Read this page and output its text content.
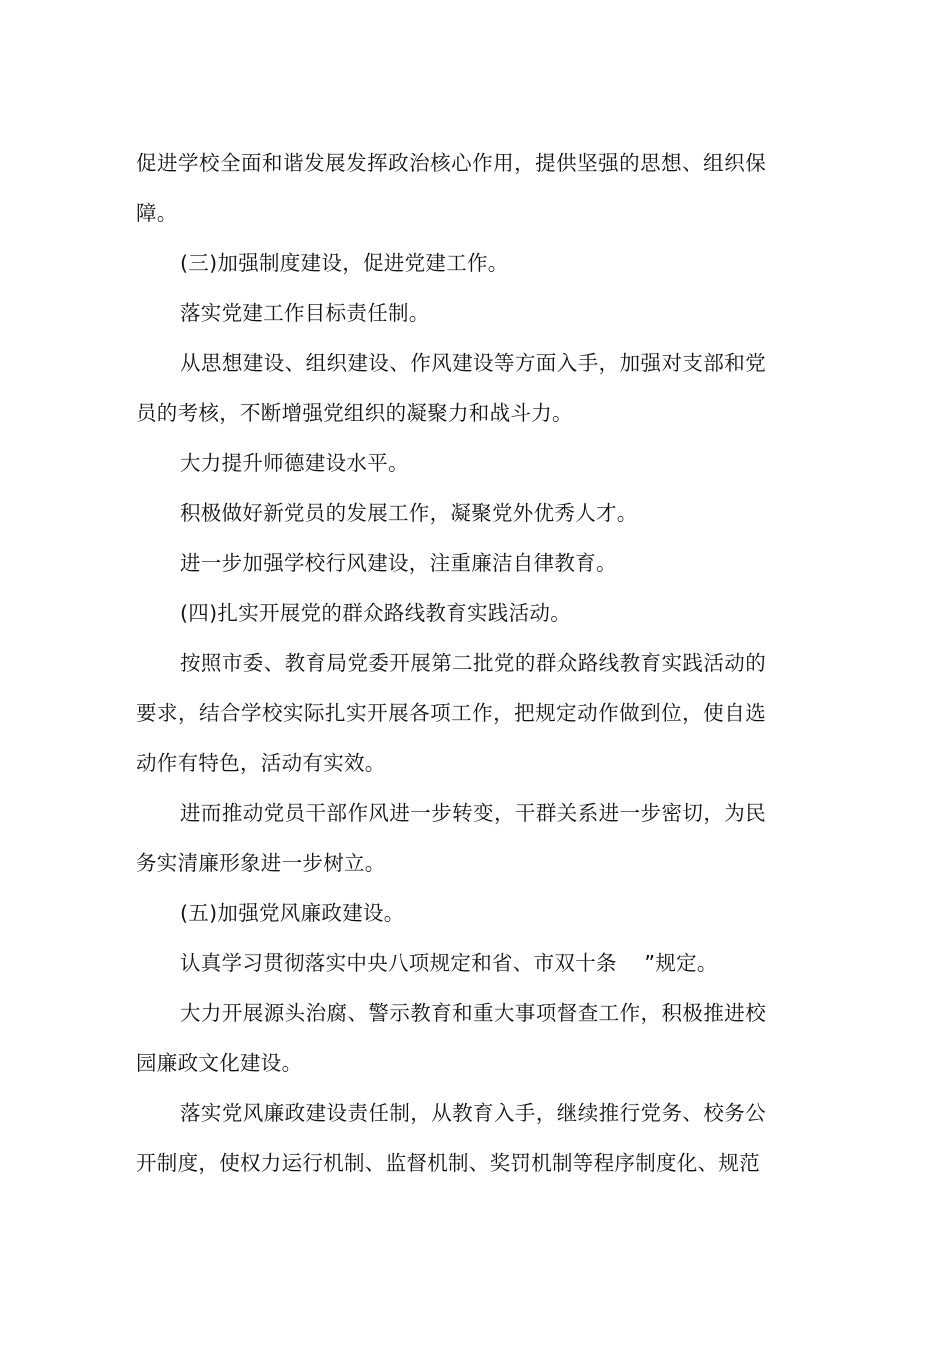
促进学校全面和谐发展发挥政治核心作用，提供坚强的思想、组织保障。

(三)加强制度建设，促进党建工作。

落实党建工作目标责任制。

从思想建设、组织建设、作风建设等方面入手，加强对支部和党员的考核，不断增强党组织的凝聚力和战斗力。

大力提升师德建设水平。

积极做好新党员的发展工作，凝聚党外优秀人才。

进一步加强学校行风建设，注重廉洁自律教育。

(四)扎实开展党的群众路线教育实践活动。

按照市委、教育局党委开展第二批党的群众路线教育实践活动的要求，结合学校实际扎实开展各项工作，把规定动作做到位，使自选动作有特色，活动有实效。

进而推动党员干部作风进一步转变，干群关系进一步密切，为民务实清廉形象进一步树立。

(五)加强党风廉政建设。

认真学习贯彻落实中央八项规定和省、市双十条　 ”规定。

大力开展源头治腐、警示教育和重大事项督查工作，积极推进校园廉政文化建设。

落实党风廉政建设责任制，从教育入手，继续推行党务、校务公开制度，使权力运行机制、监督机制、奖罚机制等程序制度化、规范
